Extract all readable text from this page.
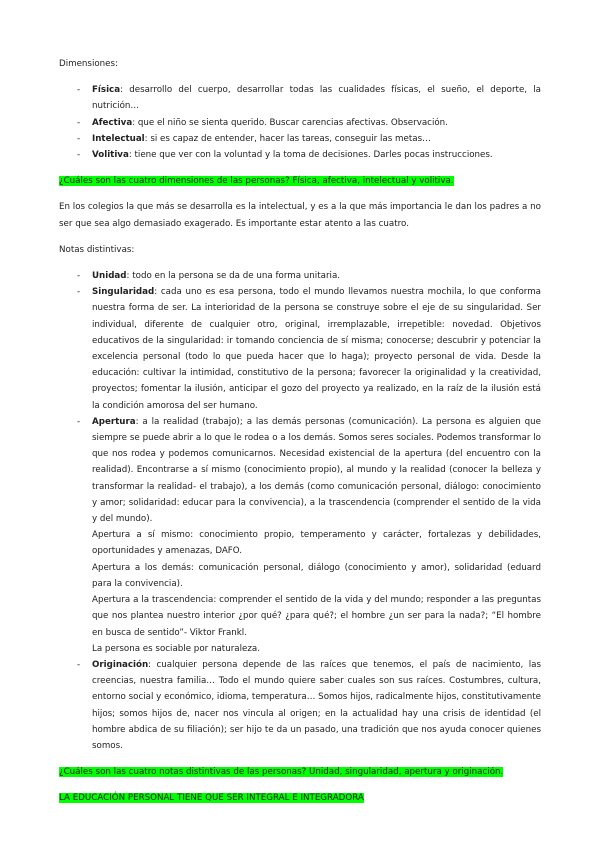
Dimensiones:

- Física: desarrollo del cuerpo, desarrollar todas las cualidades físicas, el sueño, el deporte, la nutrición…
- Afectiva: que el niño se sienta querido. Buscar carencias afectivas. Observación.
- Intelectual: si es capaz de entender, hacer las tareas, conseguir las metas…
- Volitiva: tiene que ver con la voluntad y la toma de decisiones. Darles pocas instrucciones.

¿Cuáles son las cuatro dimensiones de las personas? Física, afectiva, intelectual y volitiva.

En los colegios la que más se desarrolla es la intelectual, y es a la que más importancia le dan los padres a no ser que sea algo demasiado exagerado. Es importante estar atento a las cuatro.

Notas distintivas:

- Unidad: todo en la persona se da de una forma unitaria.
- Singularidad: cada uno es esa persona, todo el mundo llevamos nuestra mochila, lo que conforma nuestra forma de ser. La interioridad de la persona se construye sobre el eje de su singularidad. Ser individual, diferente de cualquier otro, original, irremplazable, irrepetible: novedad. Objetivos educativos de la singularidad: ir tomando conciencia de sí misma; conocerse; descubrir y potenciar la excelencia personal (todo lo que pueda hacer que lo haga); proyecto personal de vida. Desde la educación: cultivar la intimidad, constitutivo de la persona; favorecer la originalidad y la creatividad, proyectos; fomentar la ilusión, anticipar el gozo del proyecto ya realizado, en la raíz de la ilusión está la condición amorosa del ser humano.
- Apertura: a la realidad (trabajo); a las demás personas (comunicación). La persona es alguien que siempre se puede abrir a lo que le rodea o a los demás. Somos seres sociales. Podemos transformar lo que nos rodea y podemos comunicarnos. Necesidad existencial de la apertura (del encuentro con la realidad). Encontrarse a sí mismo (conocimiento propio), al mundo y la realidad (conocer la belleza y transformar la realidad- el trabajo), a los demás (como comunicación personal, diálogo: conocimiento y amor; solidaridad: educar para la convivencia), a la trascendencia (comprender el sentido de la vida y del mundo).

Apertura a sí mismo: conocimiento propio, temperamento y carácter, fortalezas y debilidades, oportunidades y amenazas, DAFO.

Apertura a los demás: comunicación personal, diálogo (conocimiento y amor), solidaridad (eduard para la convivencia).

Apertura a la trascendencia: comprender el sentido de la vida y del mundo; responder a las preguntas que nos plantea nuestro interior ¿por qué? ¿para qué?; el hombre ¿un ser para la nada?; “El hombre en busca de sentido”- Viktor Frankl.

La persona es sociable por naturaleza.

- Originación: cualquier persona depende de las raíces que tenemos, el país de nacimiento, las creencias, nuestra familia… Todo el mundo quiere saber cuales son sus raíces. Costumbres, cultura, entorno social y económico, idioma, temperatura… Somos hijos, radicalmente hijos, constitutivamente hijos; somos hijos de, nacer nos vincula al origen; en la actualidad hay una crisis de identidad (el hombre abdica de su filiación); ser hijo te da un pasado, una tradición que nos ayuda conocer quienes somos.

¿Cuáles son las cuatro notas distintivas de las personas? Unidad, singularidad, apertura y originación.

LA EDUCACIÓN PERSONAL TIENE QUE SER INTEGRAL E INTEGRADORA
